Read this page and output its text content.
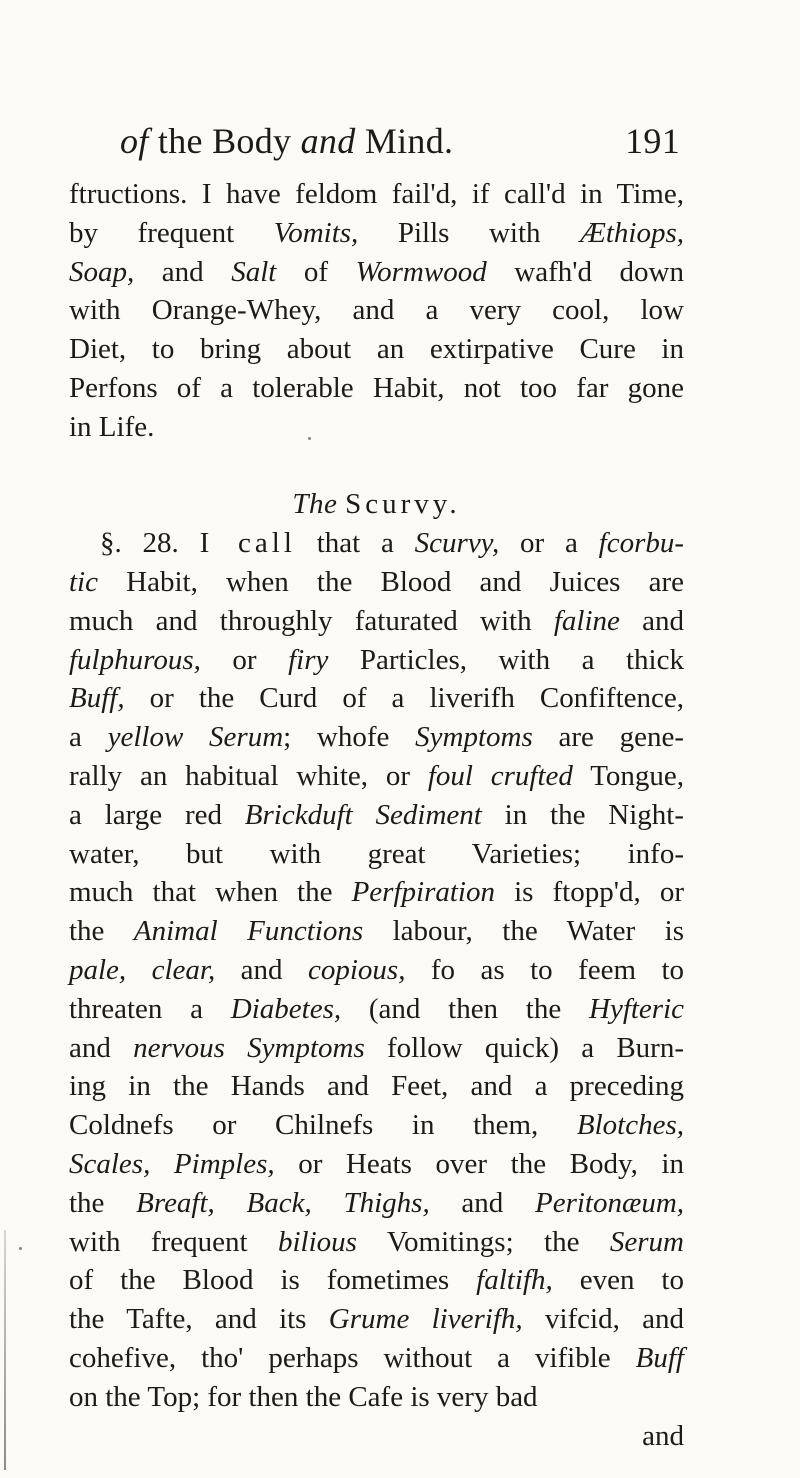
of the Body and Mind.	191
ftructions. I have feldom fail'd, if call'd in Time,
by frequent Vomits, Pills with Æthiops,
Soap, and Salt of Wormwood wafh'd down
with Orange-Whey, and a very cool, low
Diet, to bring about an extirpative Cure in
Perfons of a tolerable Habit, not too far gone
in Life.
The Scurvy.
§. 28. I call that a Scurvy, or a fcorbu-
tic Habit, when the Blood and Juices are
much and throughly faturated with faline and
fulphurous, or firy Particles, with a thick
Buff, or the Curd of a liverifh Confiftence,
a yellow Serum; whofe Symptoms are gene-
rally an habitual white, or foul crufted Tongue,
a large red Brickduft Sediment in the Night-
water, but with great Varieties; info-
much that when the Perfpiration is ftopp'd, or
the Animal Functions labour, the Water is
pale, clear, and copious, fo as to feem to
threaten a Diabetes, (and then the Hyfteric
and nervous Symptoms follow quick) a Burn-
ing in the Hands and Feet, and a preceding
Coldnefs or Chilnefs in them, Blotches,
Scales, Pimples, or Heats over the Body, in
the Breaft, Back, Thighs, and Peritonæum,
with frequent bilious Vomitings; the Serum
of the Blood is fometimes faltifh, even to
the Tafte, and its Grume liverifh, vifcid, and
cohefive, tho' perhaps without a vifible Buff
on the Top; for then the Cafe is very bad
and
